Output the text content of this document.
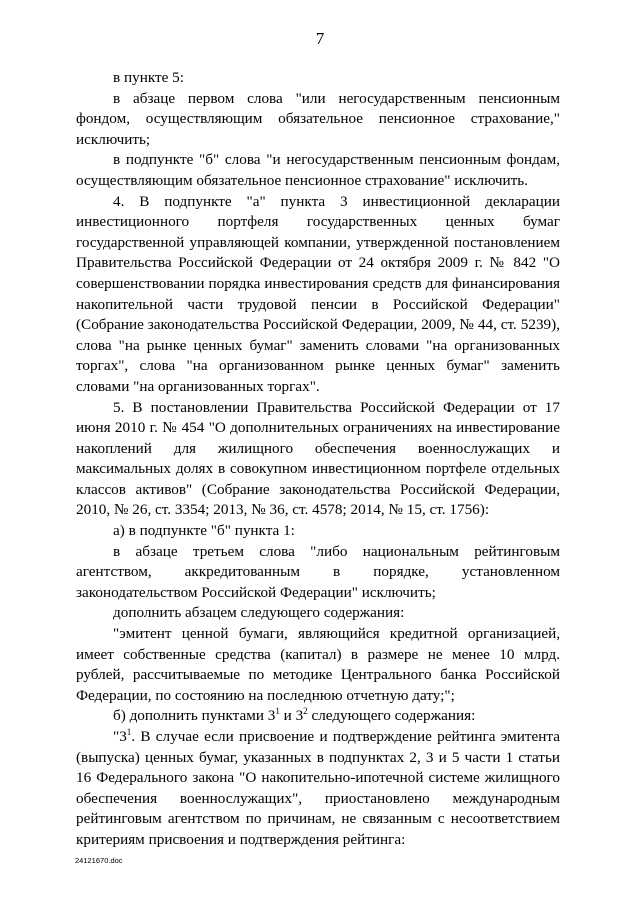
7

в пункте 5:

в абзаце первом слова "или негосударственным пенсионным фондом, осуществляющим обязательное пенсионное страхование," исключить;

в подпункте "б" слова "и негосударственным пенсионным фондам, осуществляющим обязательное пенсионное страхование" исключить.

4. В подпункте "а" пункта 3 инвестиционной декларации инвестиционного портфеля государственных ценных бумаг государственной управляющей компании, утвержденной постановлением Правительства Российской Федерации от 24 октября 2009 г. № 842 "О совершенствовании порядка инвестирования средств для финансирования накопительной части трудовой пенсии в Российской Федерации" (Собрание законодательства Российской Федерации, 2009, № 44, ст. 5239), слова "на рынке ценных бумаг" заменить словами "на организованных торгах", слова "на организованном рынке ценных бумаг" заменить словами "на организованных торгах".

5. В постановлении Правительства Российской Федерации от 17 июня 2010 г. № 454 "О дополнительных ограничениях на инвестирование накоплений для жилищного обеспечения военнослужащих и максимальных долях в совокупном инвестиционном портфеле отдельных классов активов" (Собрание законодательства Российской Федерации, 2010, № 26, ст. 3354; 2013, № 36, ст. 4578; 2014, № 15, ст. 1756):

а) в подпункте "б" пункта 1:

в абзаце третьем слова "либо национальным рейтинговым агентством, аккредитованным в порядке, установленном законодательством Российской Федерации" исключить;

дополнить абзацем следующего содержания:

"эмитент ценной бумаги, являющийся кредитной организацией, имеет собственные средства (капитал) в размере не менее 10 млрд. рублей, рассчитываемые по методике Центрального банка Российской Федерации, по состоянию на последнюю отчетную дату;";

б) дополнить пунктами $3^1$ и $3^2$ следующего содержания:

"$3^1$. В случае если присвоение и подтверждение рейтинга эмитента (выпуска) ценных бумаг, указанных в подпунктах 2, 3 и 5 части 1 статьи 16 Федерального закона "О накопительно-ипотечной системе жилищного обеспечения военнослужащих", приостановлено международным рейтинговым агентством по причинам, не связанным с несоответствием критериям присвоения и подтверждения рейтинга:

24121670.doc
